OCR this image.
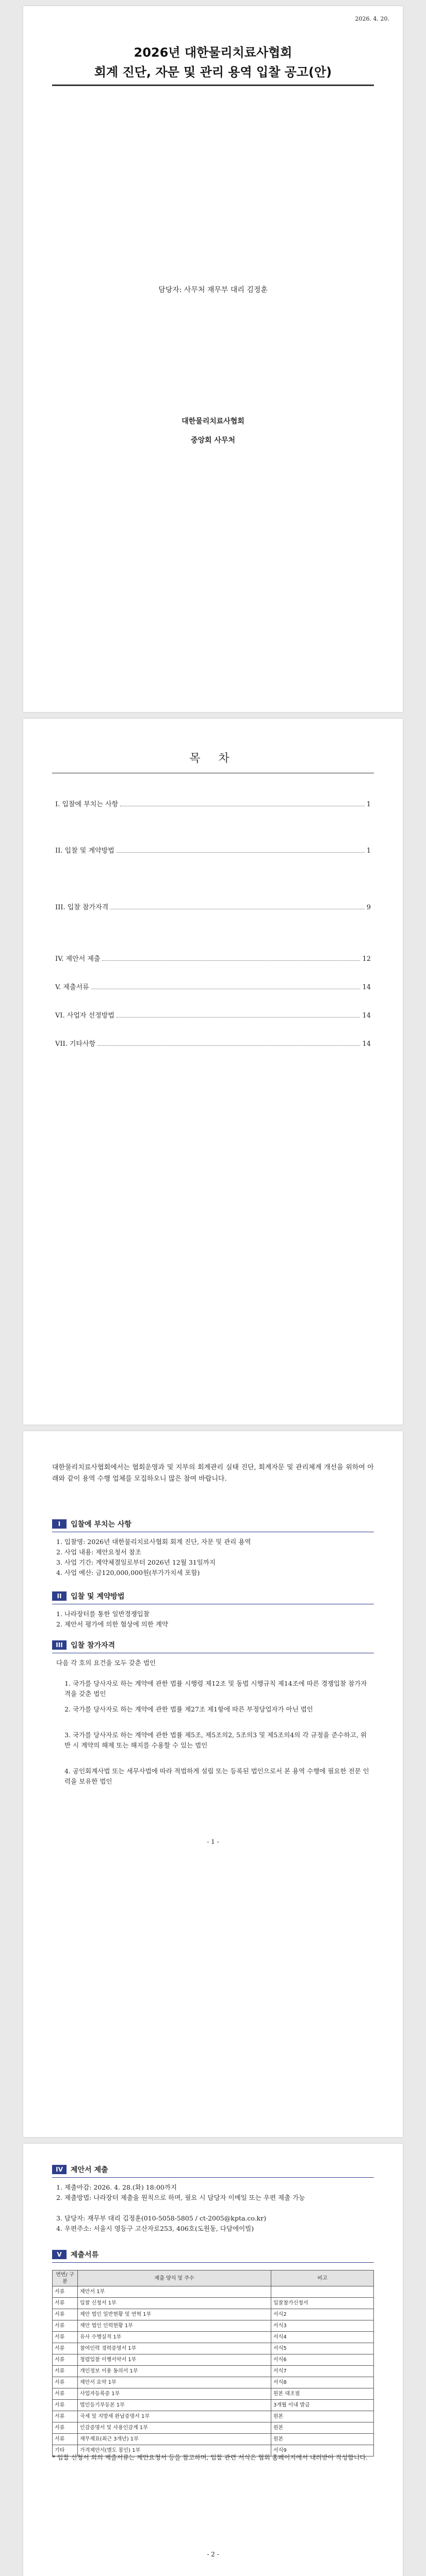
2026. 4. 20.
2026년 대한물리치료사협회
회계 진단, 자문 및 관리 용역 입찰 공고(안)
담당자: 사무처 재무부 대리 김정훈
대한물리치료사협회
중앙회 사무처
목 차
I. 입찰에 부치는 사항	1
II. 입찰 및 계약방법	1
III. 입찰 참가자격	9
IV. 제안서 제출	12
V. 제출서류	14
VI. 사업자 선정방법	14
VII. 기타사항	14
대한물리치료사협회에서는 협회운영과 및 지부의 회계관리 실태 진단, 회계자문 및 관리체계 개선을 위하여 아래와 같이 용역 수행 업체를 모집하오니 많은 참여 바랍니다.
I	입찰에 부치는 사항
1. 입찰명: 2026년 대한물리치료사협회 회계 진단, 자문 및 관리 용역
2. 사업 내용: 제안요청서 참조
3. 사업 기간: 계약체결일로부터 2026년 12월 31일까지
4. 사업 예산: 금120,000,000원(부가가치세 포함)
II	입찰 및 계약방법
1. 나라장터를 통한 일반경쟁입찰
2. 제안서 평가에 의한 협상에 의한 계약
III	입찰 참가자격
다음 각 호의 요건을 모두 갖춘 법인
1. 국가를 당사자로 하는 계약에 관한 법률 시행령 제12조 및 동법 시행규칙 제14조에 따른 경쟁입찰 참가자격을 갖춘 법인
2. 국가를 당사자로 하는 계약에 관한 법률 제27조 제1항에 따른 부정당업자가 아닌 법인
3. 국가를 당사자로 하는 계약에 관한 법률 제5조, 제5조의2, 5조의3 및 제5조의4의 각 규정을 준수하고, 위반 시 계약의 해제 또는 해지를 수용할 수 있는 법인
4. 공인회계사법 또는 세무사법에 따라 적법하게 설립 또는 등록된 법인으로서 본 용역 수행에 필요한 전문 인력을 보유한 법인
- 1 -
IV	제안서 제출
1. 제출마감: 2026. 4. 28.(화) 18:00까지
2. 제출방법: 나라장터 제출을 원칙으로 하며, 필요 시 담당자 이메일 또는 우편 제출 가능
3. 담당자: 재무부 대리 김정훈(010-5058-5805 / ct-2005@kpta.co.kr)
4. 우편주소: 서울시 영등구 고산자로253, 406호(도원동, 다담에이빌)
V	제출서류
연번/ 구분	제출 양식 및 주수	비고
서류	제안서 1부	
서류	입찰 신청서 1부	입찰참가신청서
서류	제안 법인 일반현황 및 연혁 1부	서식2
서류	제안 법인 인력현황 1부	서식3
서류	유사 수행실적 1부	서식4
서류	참여인력 경력증명서 1부	서식5
서류	청렴입찰 이행서약서 1부	서식6
서류	개인정보 이용 동의서 1부	서식7
서류	제안서 요약 1부	서식8
서류	사업자등록증 1부	원본 대조필
서류	법인등기부등본 1부	3개월 이내 발급
서류	국세 및 지방세 완납증명서 1부	원본
서류	인감증명서 및 사용인감계 1부	원본
서류	재무제표(최근 3개년) 1부	원본
기타	가격제안서(별도 봉인) 1부	서식9
* 입찰 신청서 외의 제출서류는 제안요청서 등을 참고하며, 입찰 관련 서식은 협회 홈페이지에서 내려받아 작성합니다.
- 2 -
